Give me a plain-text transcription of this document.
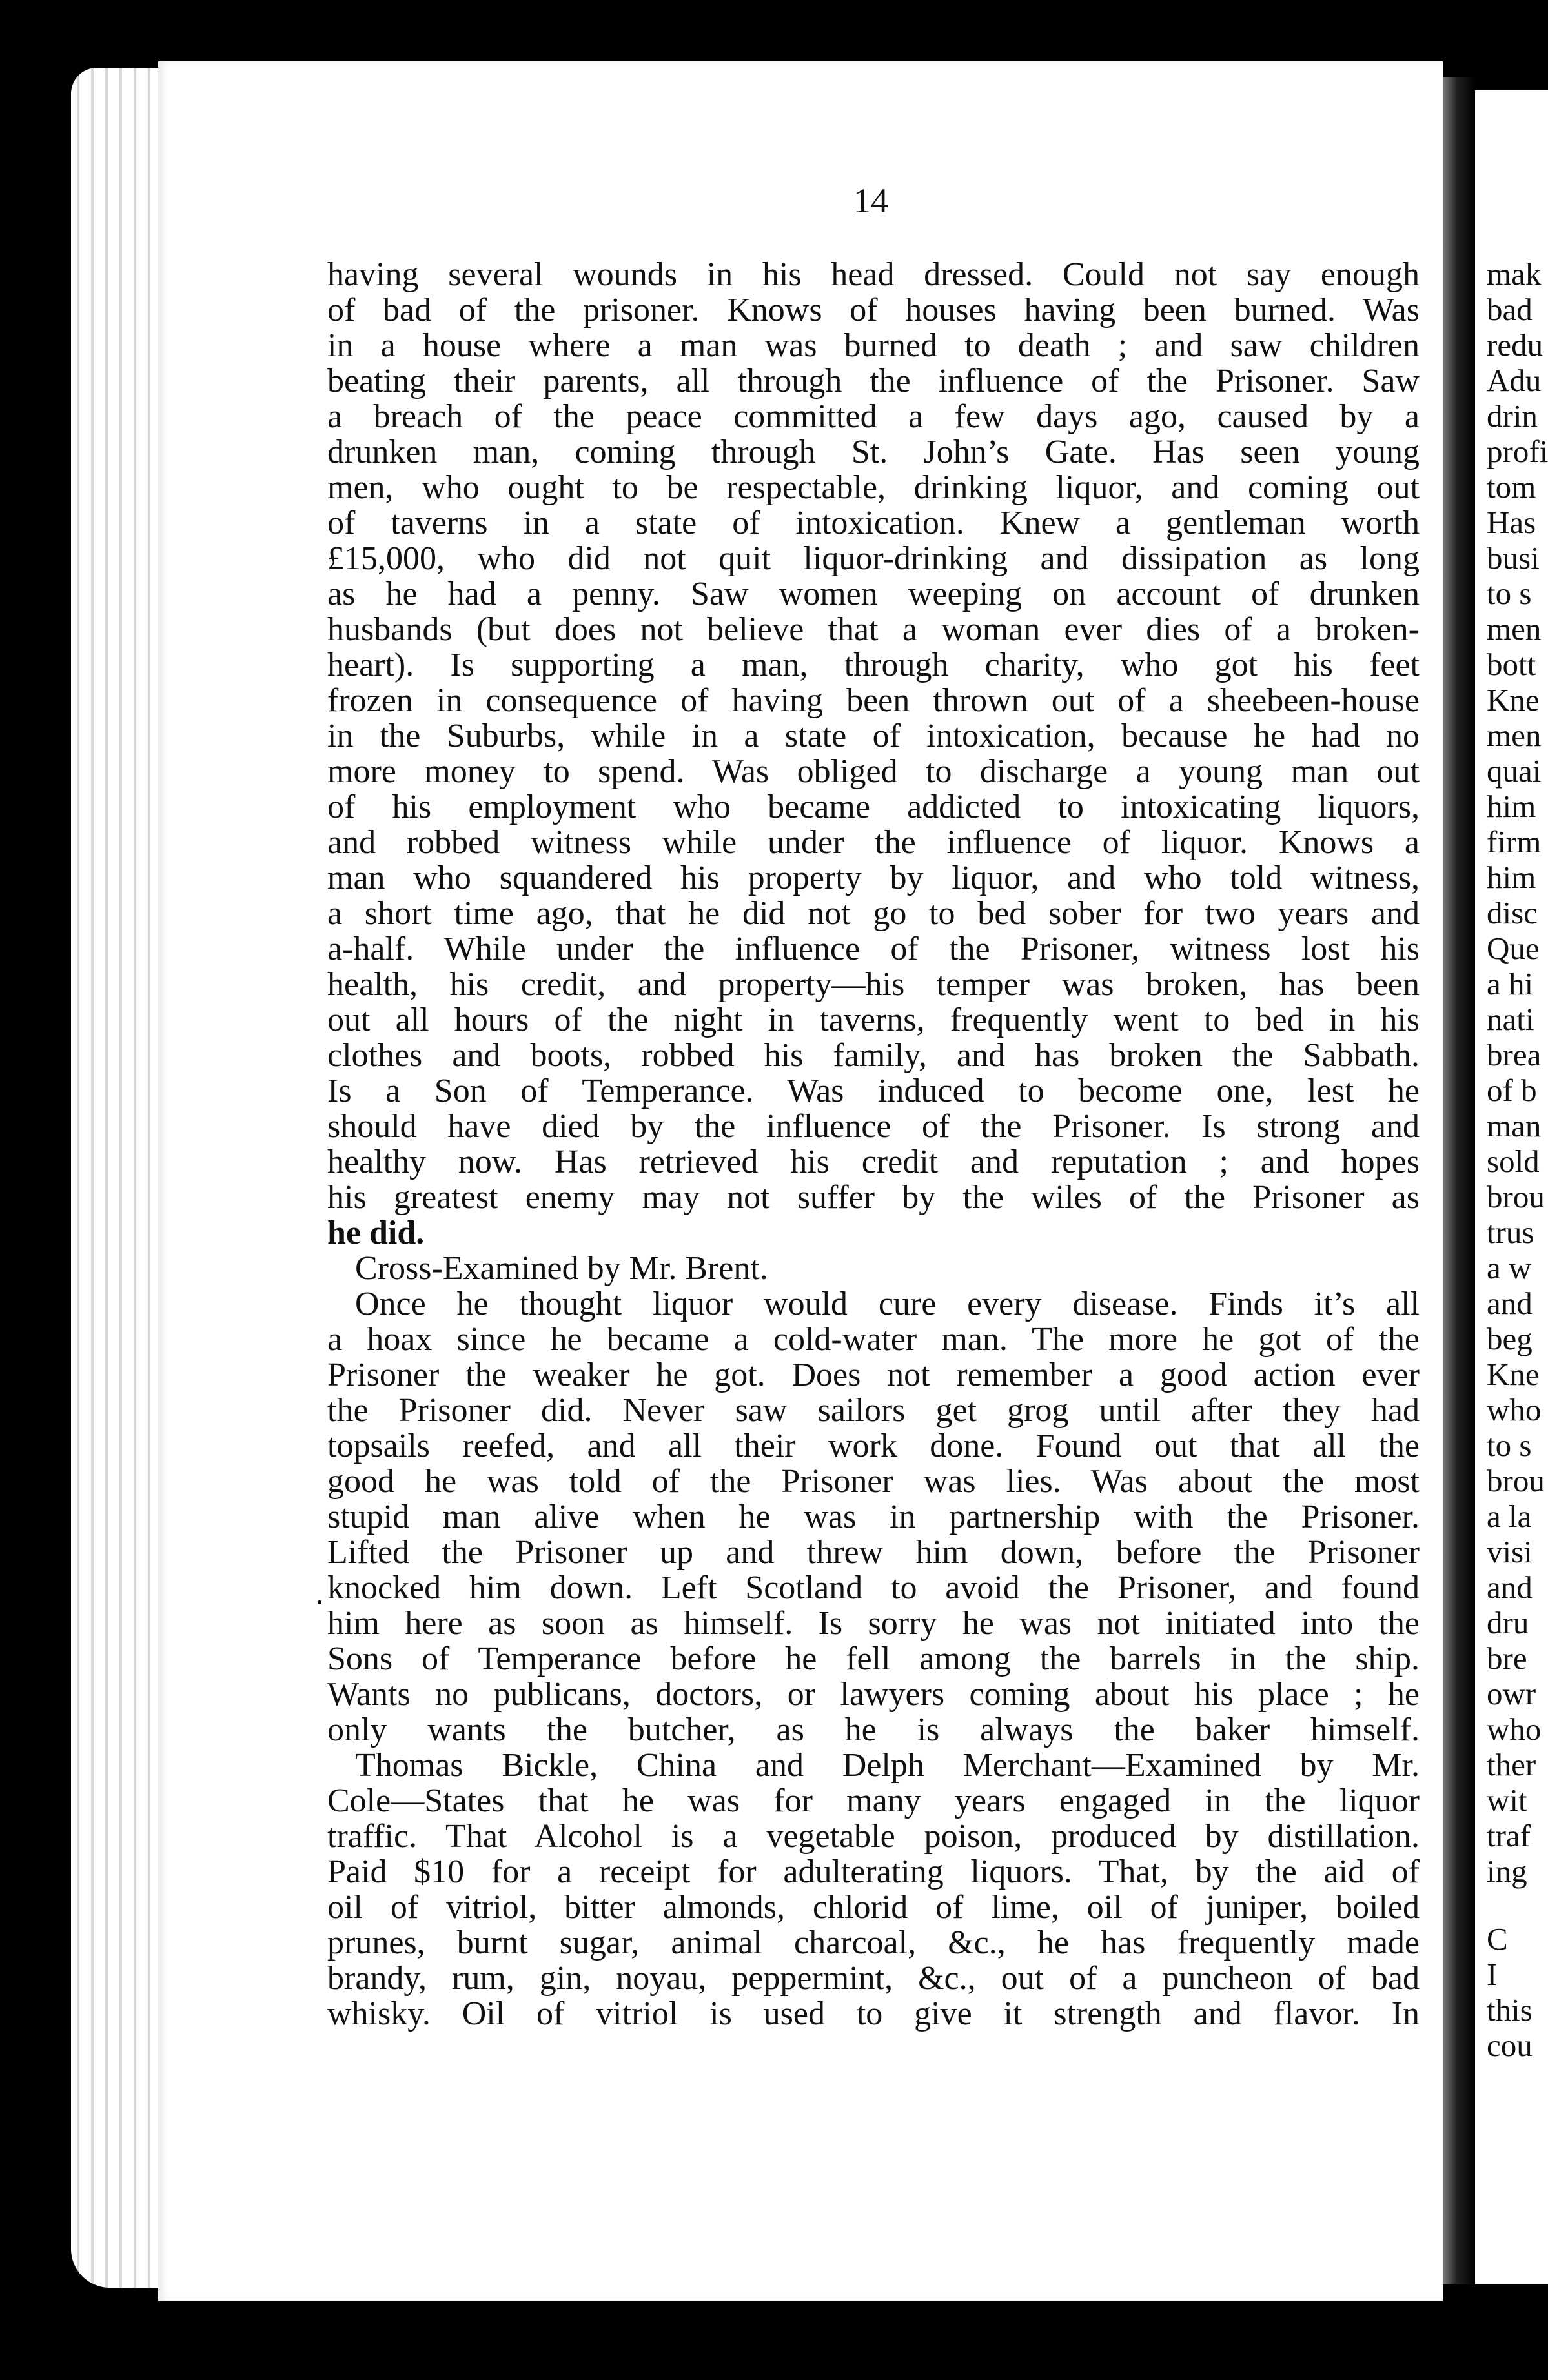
14
having several wounds in his head dressed. Could not say enough
of bad of the prisoner. Knows of houses having been burned. Was
in a house where a man was burned to death ; and saw children
beating their parents, all through the influence of the Prisoner. Saw
a breach of the peace committed a few days ago, caused by a
drunken man, coming through St. John’s Gate. Has seen young
men, who ought to be respectable, drinking liquor, and coming out
of taverns in a state of intoxication. Knew a gentleman worth
£15,000, who did not quit liquor-drinking and dissipation as long
as he had a penny. Saw women weeping on account of drunken
husbands (but does not believe that a woman ever dies of a broken-
heart). Is supporting a man, through charity, who got his feet
frozen in consequence of having been thrown out of a sheebeen-house
in the Suburbs, while in a state of intoxication, because he had no
more money to spend. Was obliged to discharge a young man out
of his employment who became addicted to intoxicating liquors,
and robbed witness while under the influence of liquor. Knows a
man who squandered his property by liquor, and who told witness,
a short time ago, that he did not go to bed sober for two years and
a-half. While under the influence of the Prisoner, witness lost his
health, his credit, and property—his temper was broken, has been
out all hours of the night in taverns, frequently went to bed in his
clothes and boots, robbed his family, and has broken the Sabbath.
Is a Son of Temperance. Was induced to become one, lest he
should have died by the influence of the Prisoner. Is strong and
healthy now. Has retrieved his credit and reputation ; and hopes
his greatest enemy may not suffer by the wiles of the Prisoner as
he did.
Cross-Examined by Mr. Brent.
Once he thought liquor would cure every disease. Finds it’s all
a hoax since he became a cold-water man. The more he got of the
Prisoner the weaker he got. Does not remember a good action ever
the Prisoner did. Never saw sailors get grog until after they had
topsails reefed, and all their work done. Found out that all the
good he was told of the Prisoner was lies. Was about the most
stupid man alive when he was in partnership with the Prisoner.
Lifted the Prisoner up and threw him down, before the Prisoner
knocked him down. Left Scotland to avoid the Prisoner, and found
him here as soon as himself. Is sorry he was not initiated into the
Sons of Temperance before he fell among the barrels in the ship.
Wants no publicans, doctors, or lawyers coming about his place ; he
only wants the butcher, as he is always the baker himself.
Thomas Bickle, China and Delph Merchant—Examined by Mr.
Cole—States that he was for many years engaged in the liquor
traffic. That Alcohol is a vegetable poison, produced by distillation.
Paid $10 for a receipt for adulterating liquors. That, by the aid of
oil of vitriol, bitter almonds, chlorid of lime, oil of juniper, boiled
prunes, burnt sugar, animal charcoal, &c., he has frequently made
brandy, rum, gin, noyau, peppermint, &c., out of a puncheon of bad
whisky. Oil of vitriol is used to give it strength and flavor. In
mak
bad
redu
Adu
drin
profi
tom
Has
busi
to s
men
bott
Kne
men
quai
him
firm
him
disc
Que
a hi
nati
brea
of b
man
sold
brou
trus
a w
and
beg
Kne
who
to s
brou
a la
visi
and
dru
bre
owr
who
ther
wit
traf
ing
C
I
this
cou
